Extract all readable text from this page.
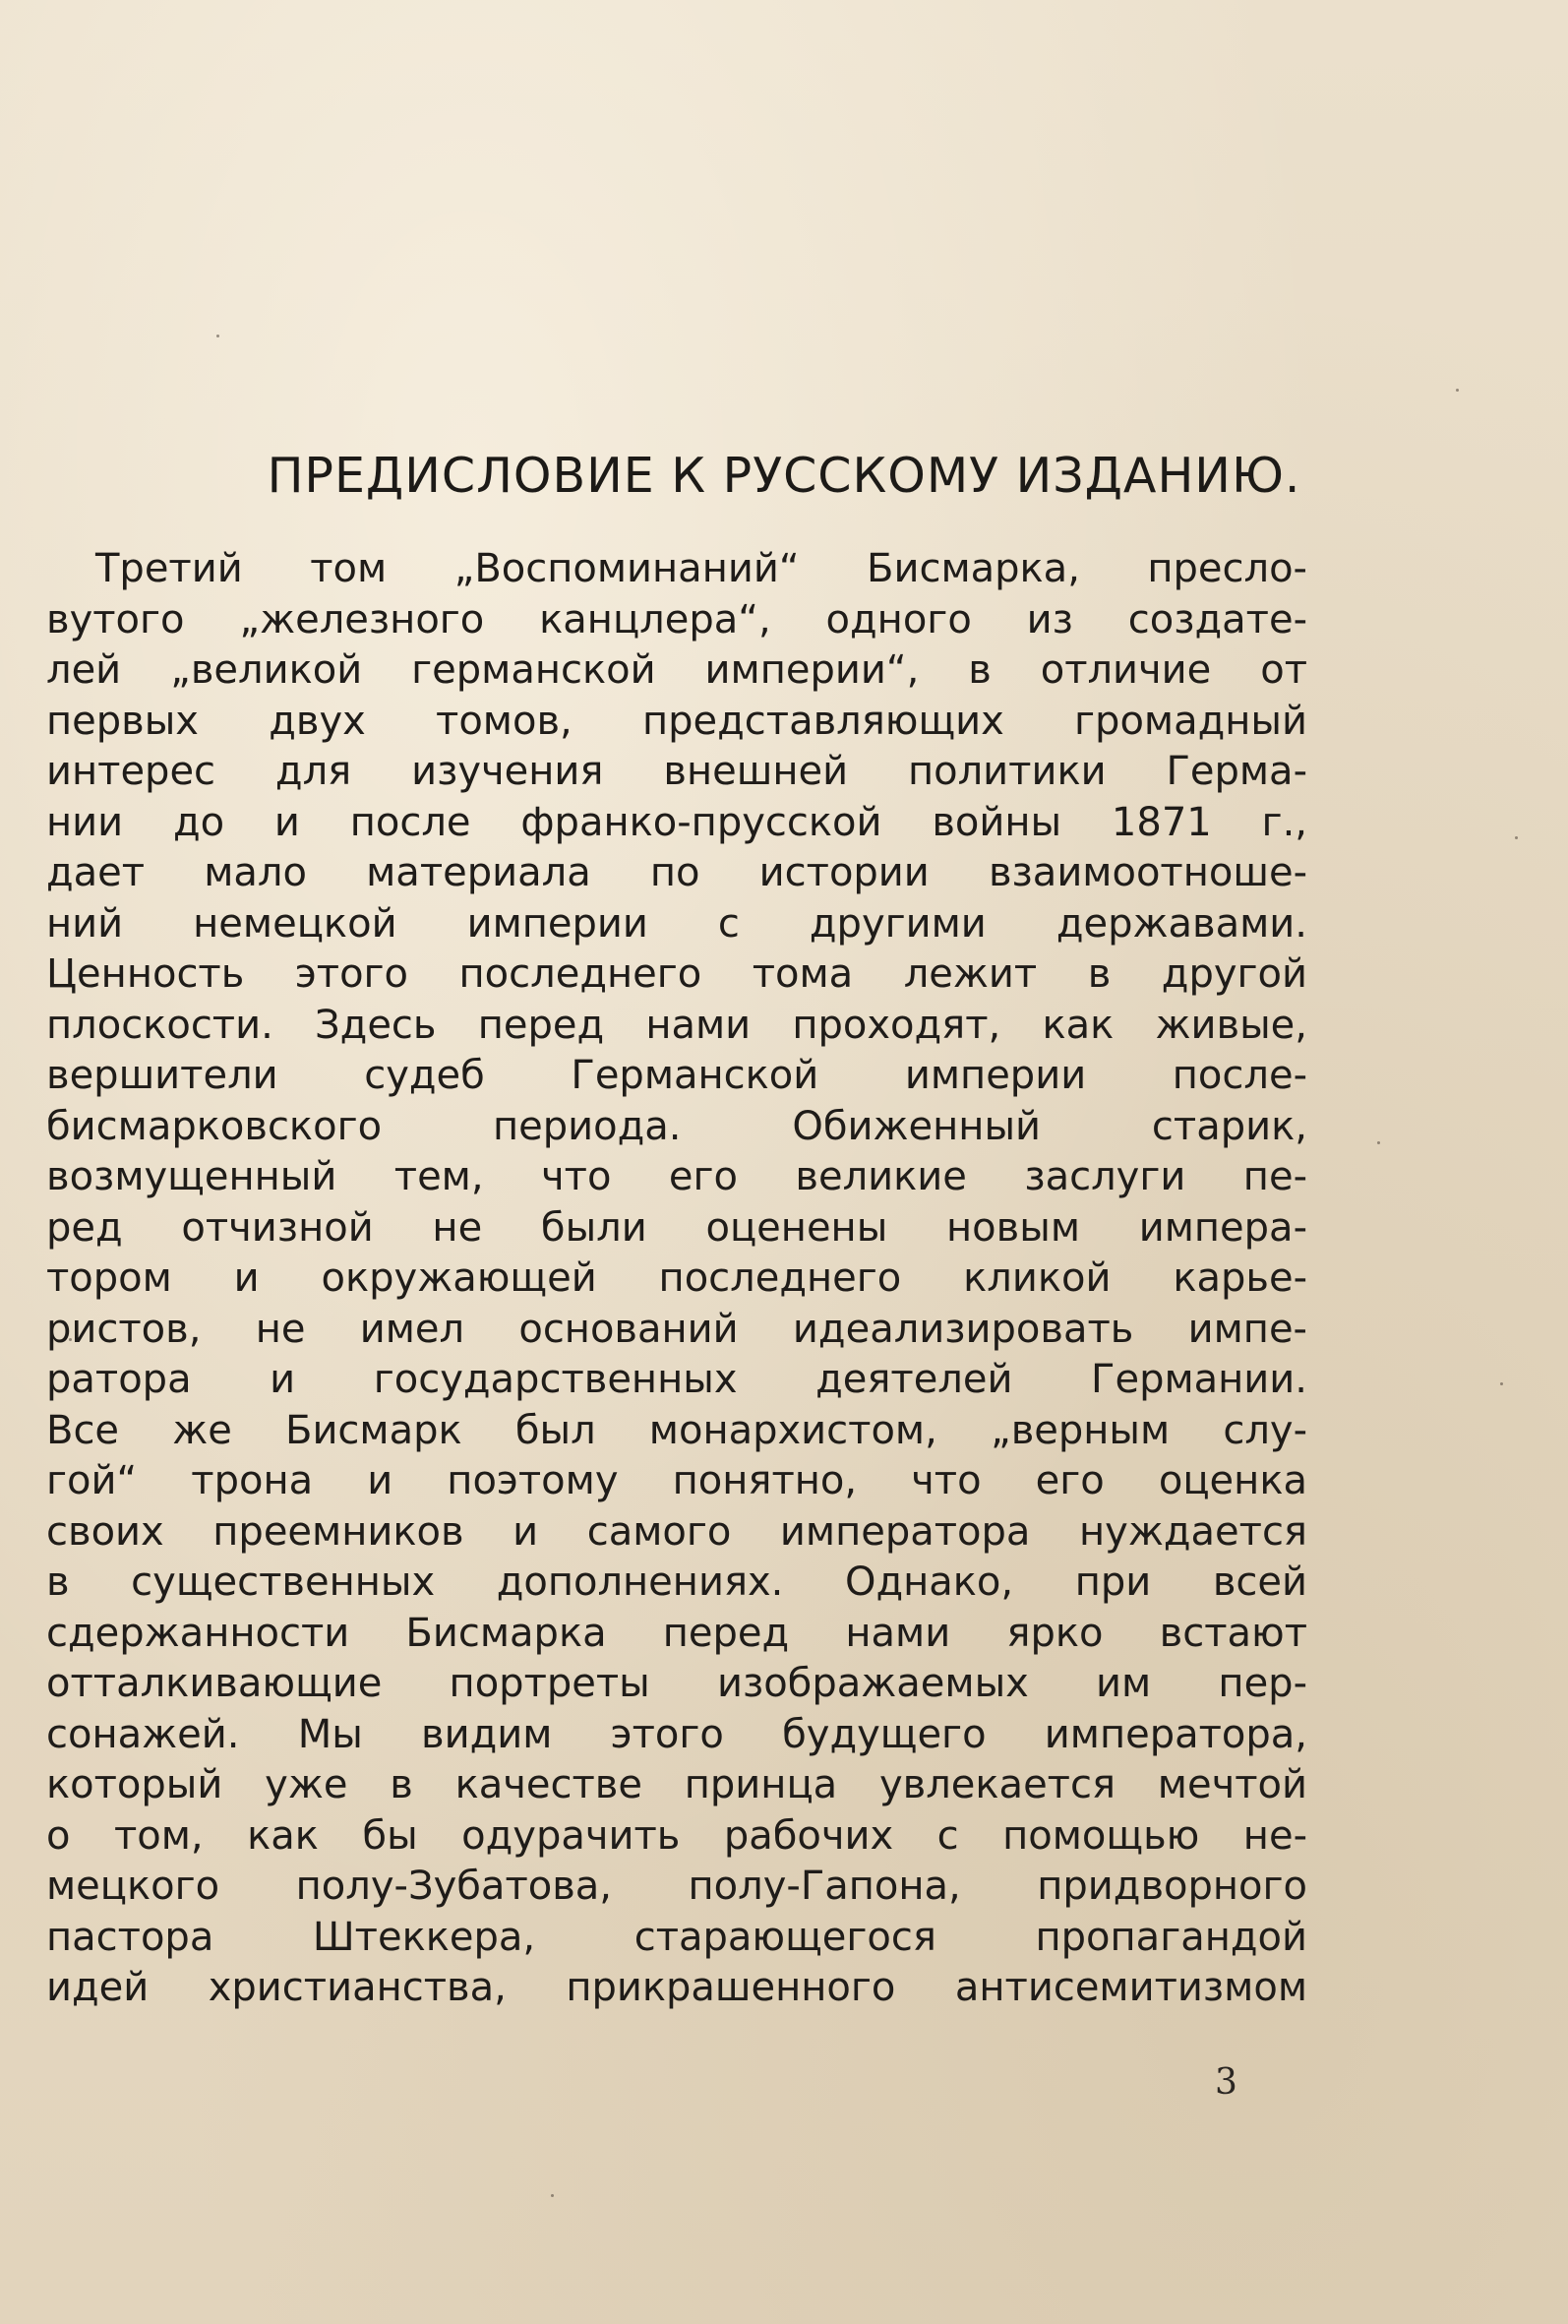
ПРЕДИСЛОВИЕ К РУССКОМУ ИЗДАНИЮ.
Третий том „Воспоминаний“ Бисмарка, пресло-
вутого „железного канцлера“, одного из создате-
лей „великой германской империи“, в отличие от
первых двух томов, представляющих громадный
интерес для изучения внешней политики Герма-
нии до и после франко-прусской войны 1871 г.,
дает мало материала по истории взаимоотноше-
ний немецкой империи с другими державами.
Ценность этого последнего тома лежит в другой
плоскости. Здесь перед нами проходят, как живые,
вершители судеб Германской империи после-
бисмарковского периода. Обиженный старик,
возмущенный тем, что его великие заслуги пе-
ред отчизной не были оценены новым импера-
тором и окружающей последнего кликой карье-
ристов, не имел оснований идеализировать импе-
ратора и государственных деятелей Германии.
Все же Бисмарк был монархистом, „верным слу-
гой“ трона и поэтому понятно, что его оценка
своих преемников и самого императора нуждается
в существенных дополнениях. Однако, при всей
сдержанности Бисмарка перед нами ярко встают
отталкивающие портреты изображаемых им пер-
сонажей. Мы видим этого будущего императора,
который уже в качестве принца увлекается мечтой
о том, как бы одурачить рабочих с помощью не-
мецкого полу-Зубатова, полу-Гапона, придворного
пастора Штеккера, старающегося пропагандой
идей христианства, прикрашенного антисемитизмом
3
